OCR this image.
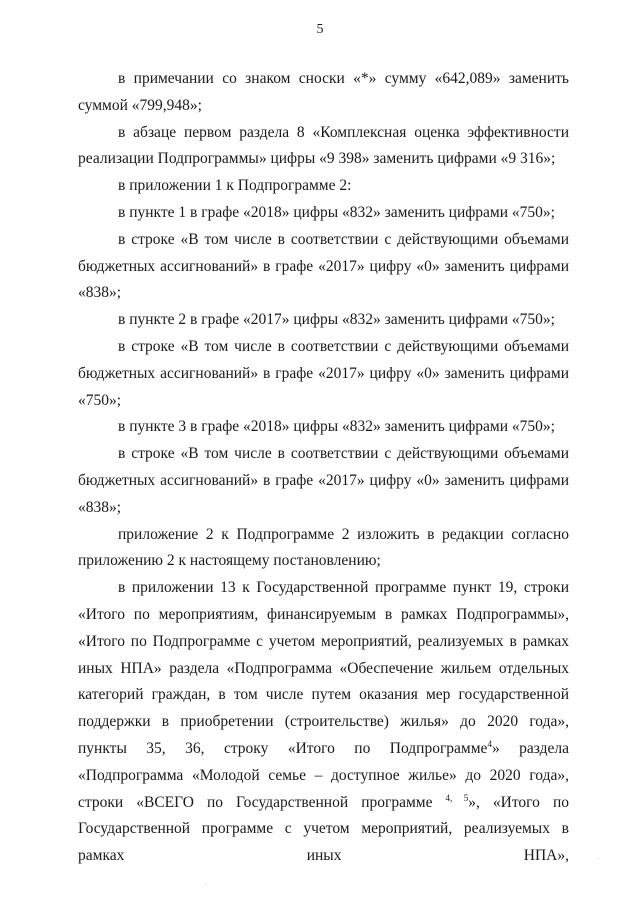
5

в примечании со знаком сноски «*» сумму «642,089» заменить суммой «799,948»;

в абзаце первом раздела 8 «Комплексная оценка эффективности реализации Подпрограммы» цифры «9 398» заменить цифрами «9 316»;

в приложении 1 к Подпрограмме 2:

в пункте 1 в графе «2018» цифры «832» заменить цифрами «750»;

в строке «В том числе в соответствии с действующими объемами бюджетных ассигнований» в графе «2017» цифру «0» заменить цифрами «838»;

в пункте 2 в графе «2017» цифры «832» заменить цифрами «750»;

в строке «В том числе в соответствии с действующими объемами бюджетных ассигнований» в графе «2017» цифру «0» заменить цифрами «750»;

в пункте 3 в графе «2018» цифры «832» заменить цифрами «750»;

в строке «В том числе в соответствии с действующими объемами бюджетных ассигнований» в графе «2017» цифру «0» заменить цифрами «838»;

приложение 2 к Подпрограмме 2 изложить в редакции согласно приложению 2 к настоящему постановлению;

в приложении 13 к Государственной программе пункт 19, строки «Итого по мероприятиям, финансируемым в рамках Подпрограммы», «Итого по Подпрограмме с учетом мероприятий, реализуемых в рамках иных НПА» раздела «Подпрограмма «Обеспечение жильем отдельных категорий граждан, в том числе путем оказания мер государственной поддержки в приобретении (строительстве) жилья» до 2020 года», пункты 35, 36, строку «Итого по Подпрограмме$^4$» раздела «Подпрограмма «Молодой семье – доступное жилье» до 2020 года», строки «ВСЕГО по Государственной программе $^{4, 5}$», «Итого по Государственной программе с учетом мероприятий, реализуемых в рамках иных НПА»,
